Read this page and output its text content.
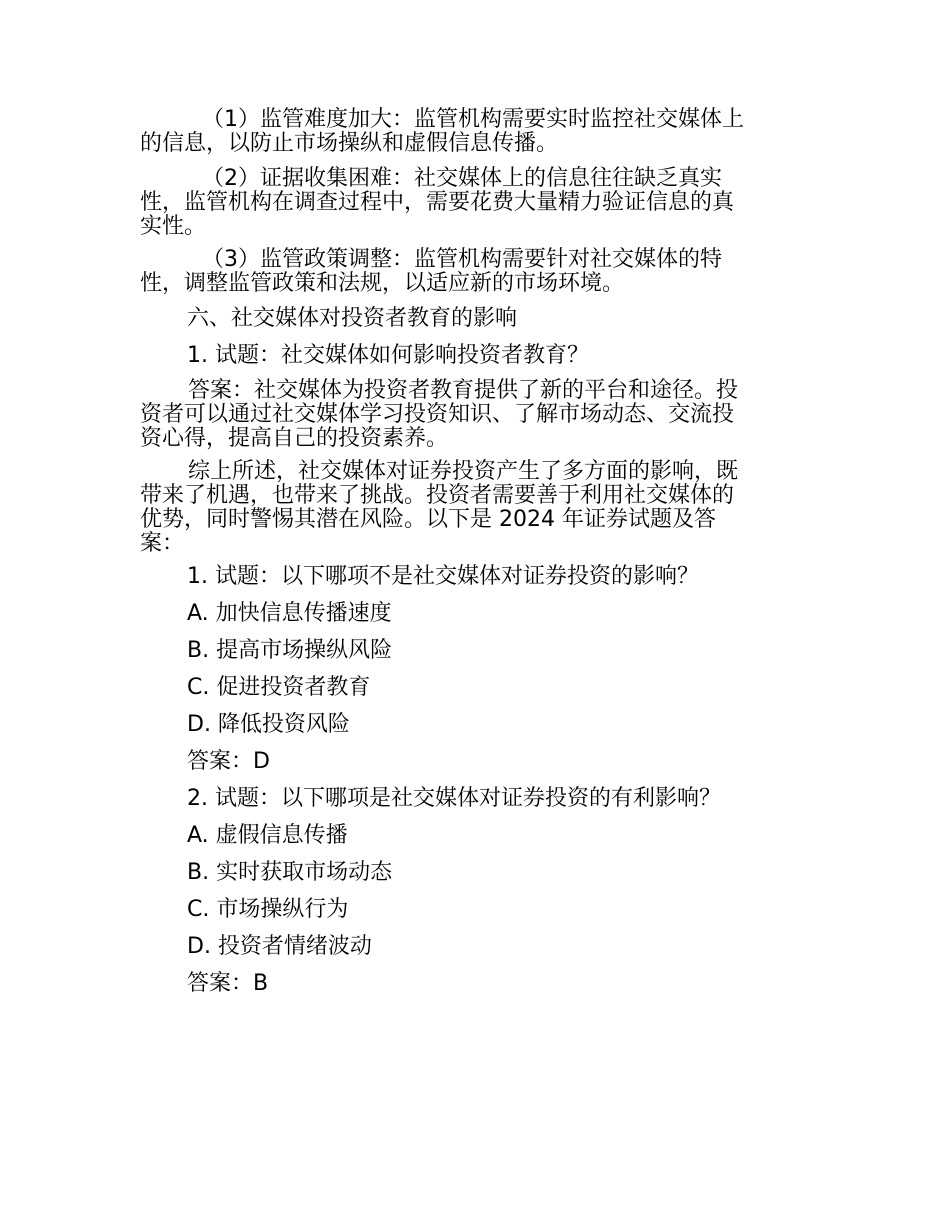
（1）监管难度加大：监管机构需要实时监控社交媒体上
的信息，以防止市场操纵和虚假信息传播。
（2）证据收集困难：社交媒体上的信息往往缺乏真实
性，监管机构在调查过程中，需要花费大量精力验证信息的真
实性。
（3）监管政策调整：监管机构需要针对社交媒体的特
性，调整监管政策和法规，以适应新的市场环境。
六、社交媒体对投资者教育的影响
1. 试题：社交媒体如何影响投资者教育？
答案：社交媒体为投资者教育提供了新的平台和途径。投
资者可以通过社交媒体学习投资知识、了解市场动态、交流投
资心得，提高自己的投资素养。
综上所述，社交媒体对证券投资产生了多方面的影响，既
带来了机遇，也带来了挑战。投资者需要善于利用社交媒体的
优势，同时警惕其潜在风险。以下是 2024 年证券试题及答
案：
1. 试题：以下哪项不是社交媒体对证券投资的影响？
A. 加快信息传播速度
B. 提高市场操纵风险
C. 促进投资者教育
D. 降低投资风险
答案：D
2. 试题：以下哪项是社交媒体对证券投资的有利影响？
A. 虚假信息传播
B. 实时获取市场动态
C. 市场操纵行为
D. 投资者情绪波动
答案：B
